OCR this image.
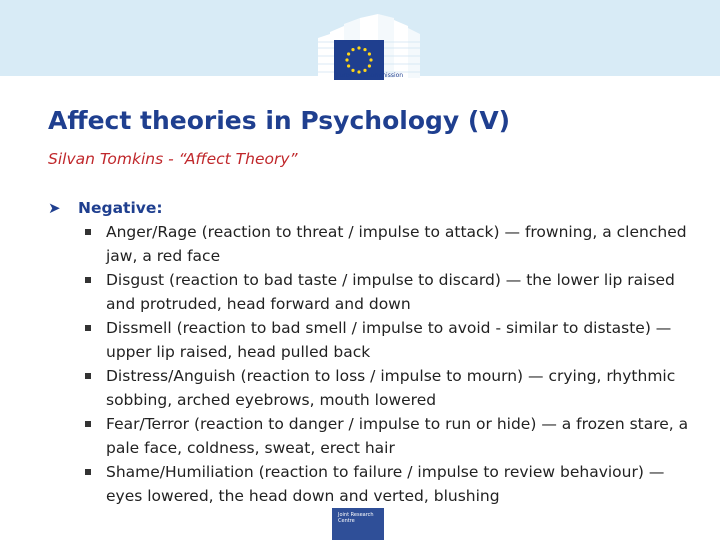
European Commission
Affect theories in Psychology (V)

Silvan Tomkins - “Affect Theory”

➤ Negative:
Anger/Rage (reaction to threat / impulse to attack) — frowning, a clenched jaw, a red face
Disgust (reaction to bad taste / impulse to discard) — the lower lip raised and protruded, head forward and down
Dissmell (reaction to bad smell / impulse to avoid - similar to distaste) — upper lip raised, head pulled back
Distress/Anguish (reaction to loss / impulse to mourn) — crying, rhythmic sobbing, arched eyebrows, mouth lowered
Fear/Terror (reaction to danger / impulse to run or hide) — a frozen stare, a pale face, coldness, sweat, erect hair
Shame/Humiliation (reaction to failure / impulse to review behaviour) — eyes lowered, the head down and verted, blushing
Joint Research Centre
